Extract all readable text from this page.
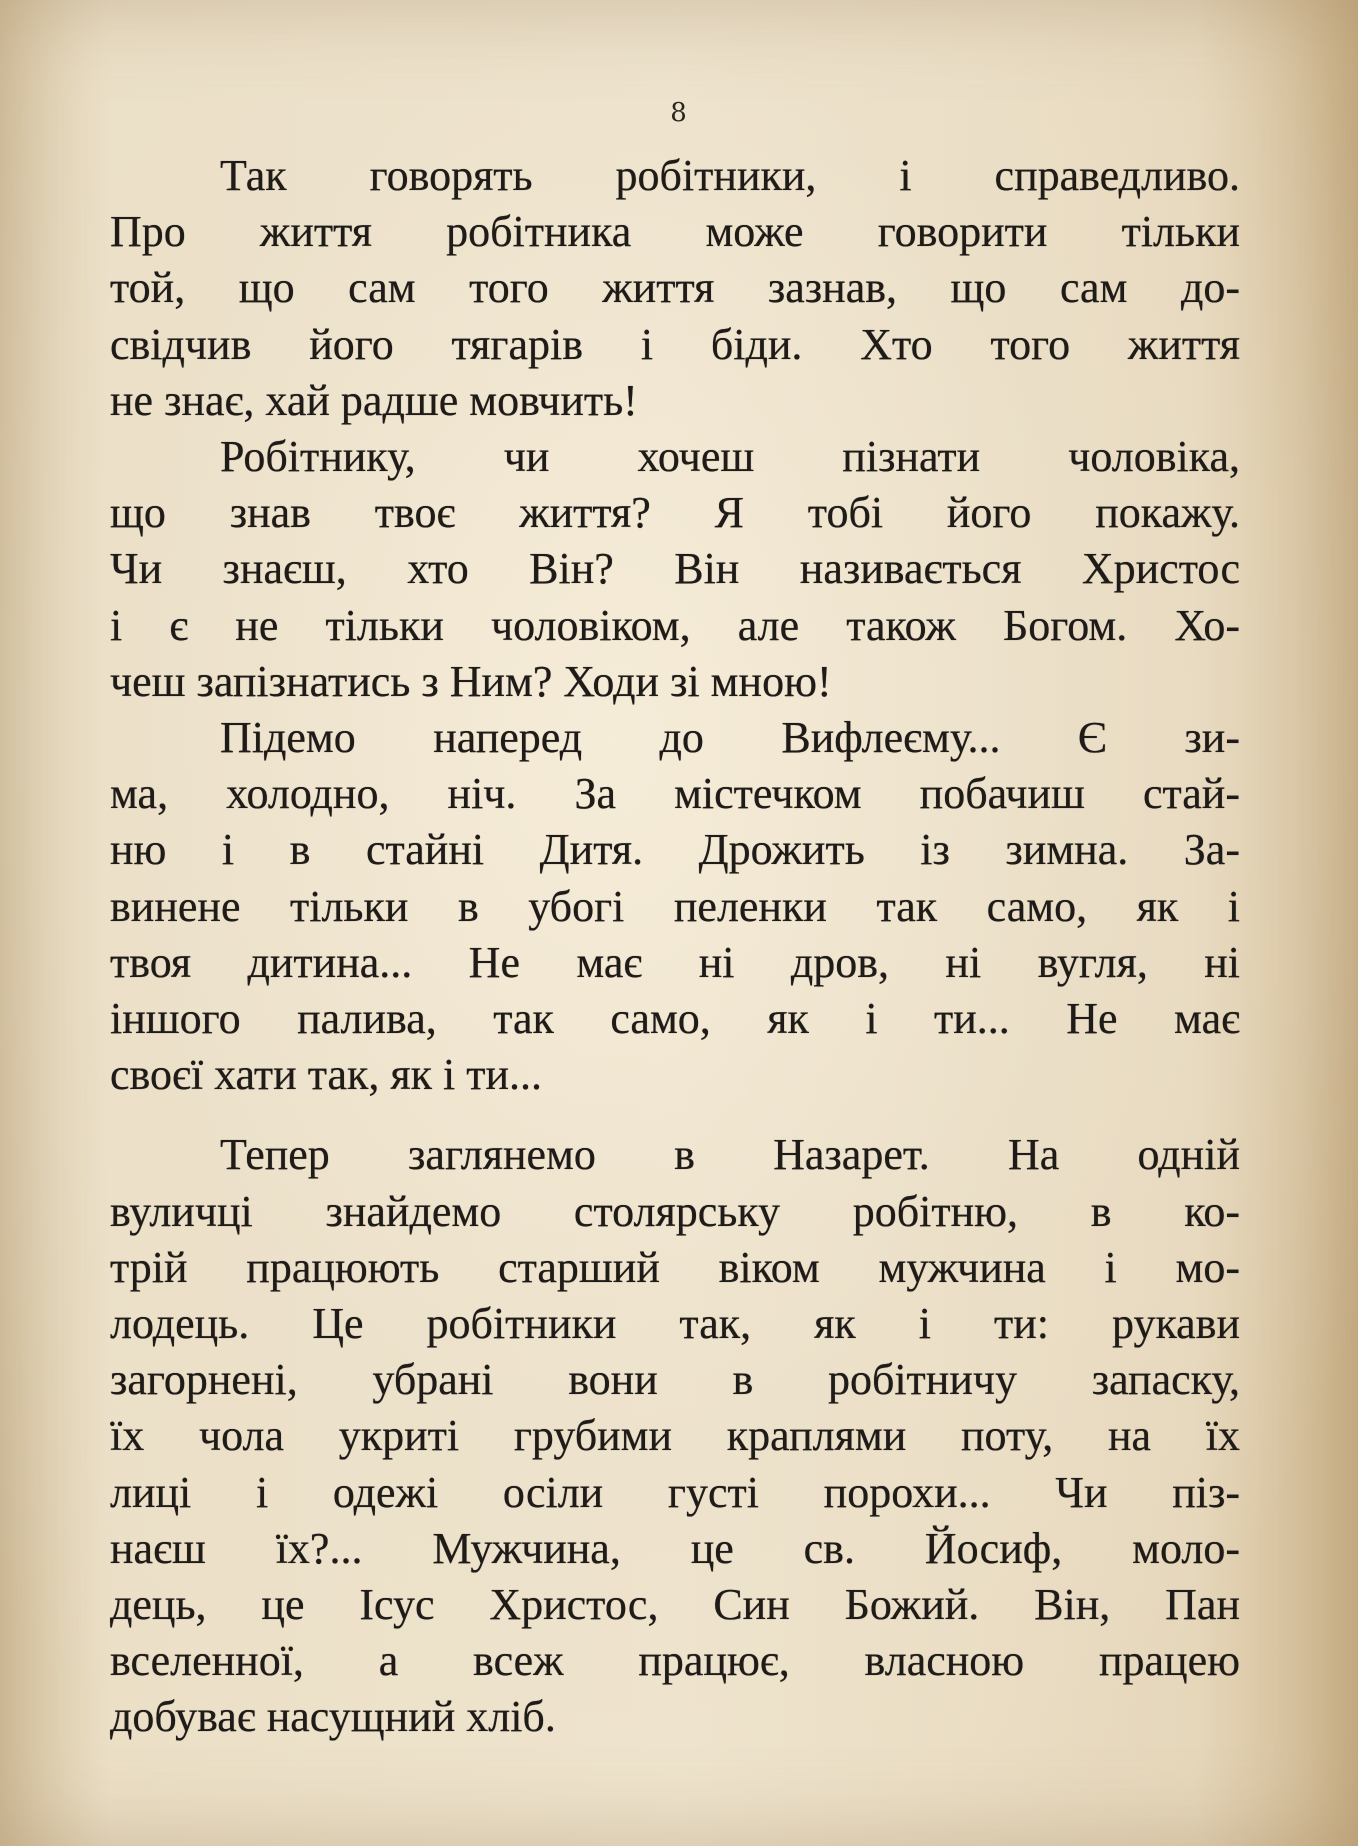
8
Так говорять робітники, і справедливо.
Про життя робітника може говорити тільки
той, що сам того життя зазнав, що сам до-
свідчив його тягарів і біди. Хто того життя
не знає, хай радше мовчить!
Робітнику, чи хочеш пізнати чоловіка,
що знав твоє життя? Я тобі його покажу.
Чи знаєш, хто Він? Він називається Христос
і є не тільки чоловіком, але також Богом. Хо-
чеш запізнатись з Ним? Ходи зі мною!
Підемо наперед до Вифлеєму... Є зи-
ма, холодно, ніч. За містечком побачиш стай-
ню і в стайні Дитя. Дрожить із зимна. За-
винене тільки в убогі пеленки так само, як і
твоя дитина... Не має ні дров, ні вугля, ні
іншого палива, так само, як і ти... Не має
своєї хати так, як і ти...
Тепер заглянемо в Назарет. На одній
вуличці знайдемо столярську робітню, в ко-
трій працюють старший віком мужчина і мо-
лодець. Це робітники так, як і ти: рукави
загорнені, убрані вони в робітничу запаску,
їх чола укриті грубими краплями поту, на їх
лиці і одежі осіли густі порохи... Чи піз-
наєш їх?... Мужчина, це св. Йосиф, моло-
дець, це Ісус Христос, Син Божий. Він, Пан
вселенної, а всеж працює, власною працею
добуває насущний хліб.
